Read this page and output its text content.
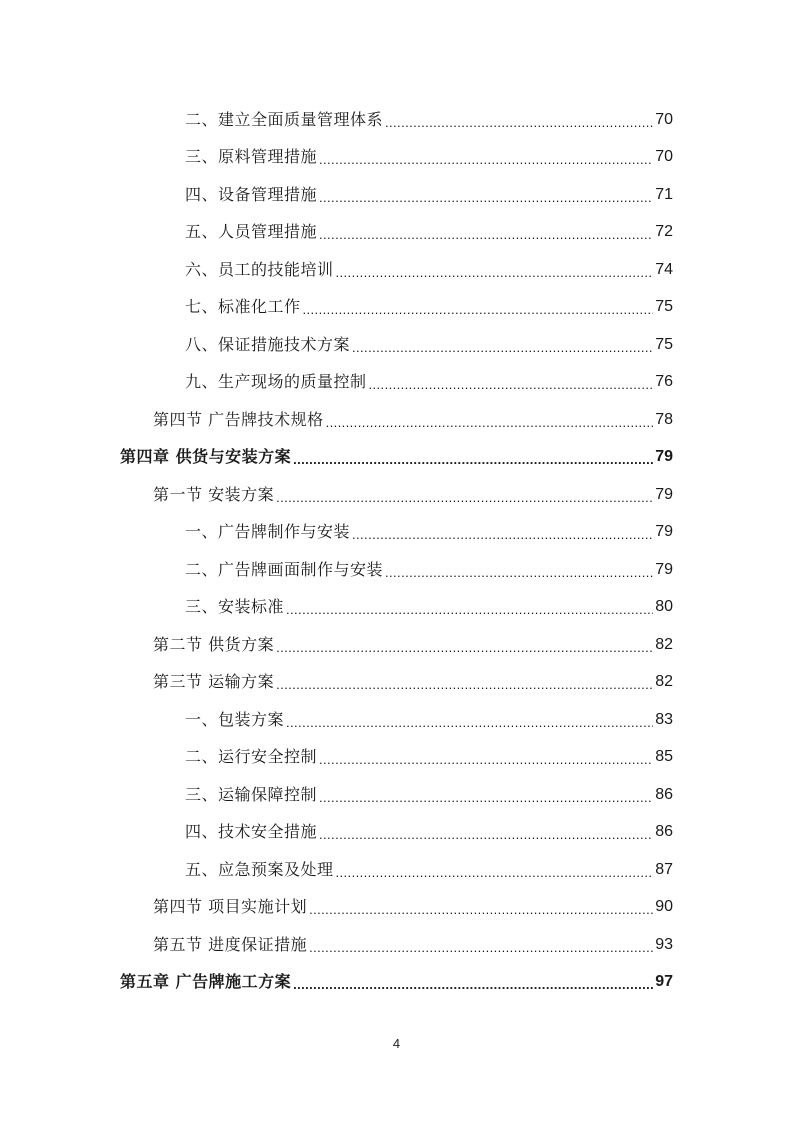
二、建立全面质量管理体系 .....	70
三、原料管理措施 .....	70
四、设备管理措施 .....	71
五、人员管理措施 .....	72
六、员工的技能培训 .....	74
七、标准化工作 .....	75
八、保证措施技术方案 .....	75
九、生产现场的质量控制 .....	76
第四节 广告牌技术规格 .....	78
第四章 供货与安装方案 .....	79
第一节 安装方案 .....	79
一、广告牌制作与安装 .....	79
二、广告牌画面制作与安装 .....	79
三、安装标准 .....	80
第二节 供货方案 .....	82
第三节 运输方案 .....	82
一、包装方案 .....	83
二、运行安全控制 .....	85
三、运输保障控制 .....	86
四、技术安全措施 .....	86
五、应急预案及处理 .....	87
第四节 项目实施计划 .....	90
第五节 进度保证措施 .....	93
第五章 广告牌施工方案 .....	97
4
